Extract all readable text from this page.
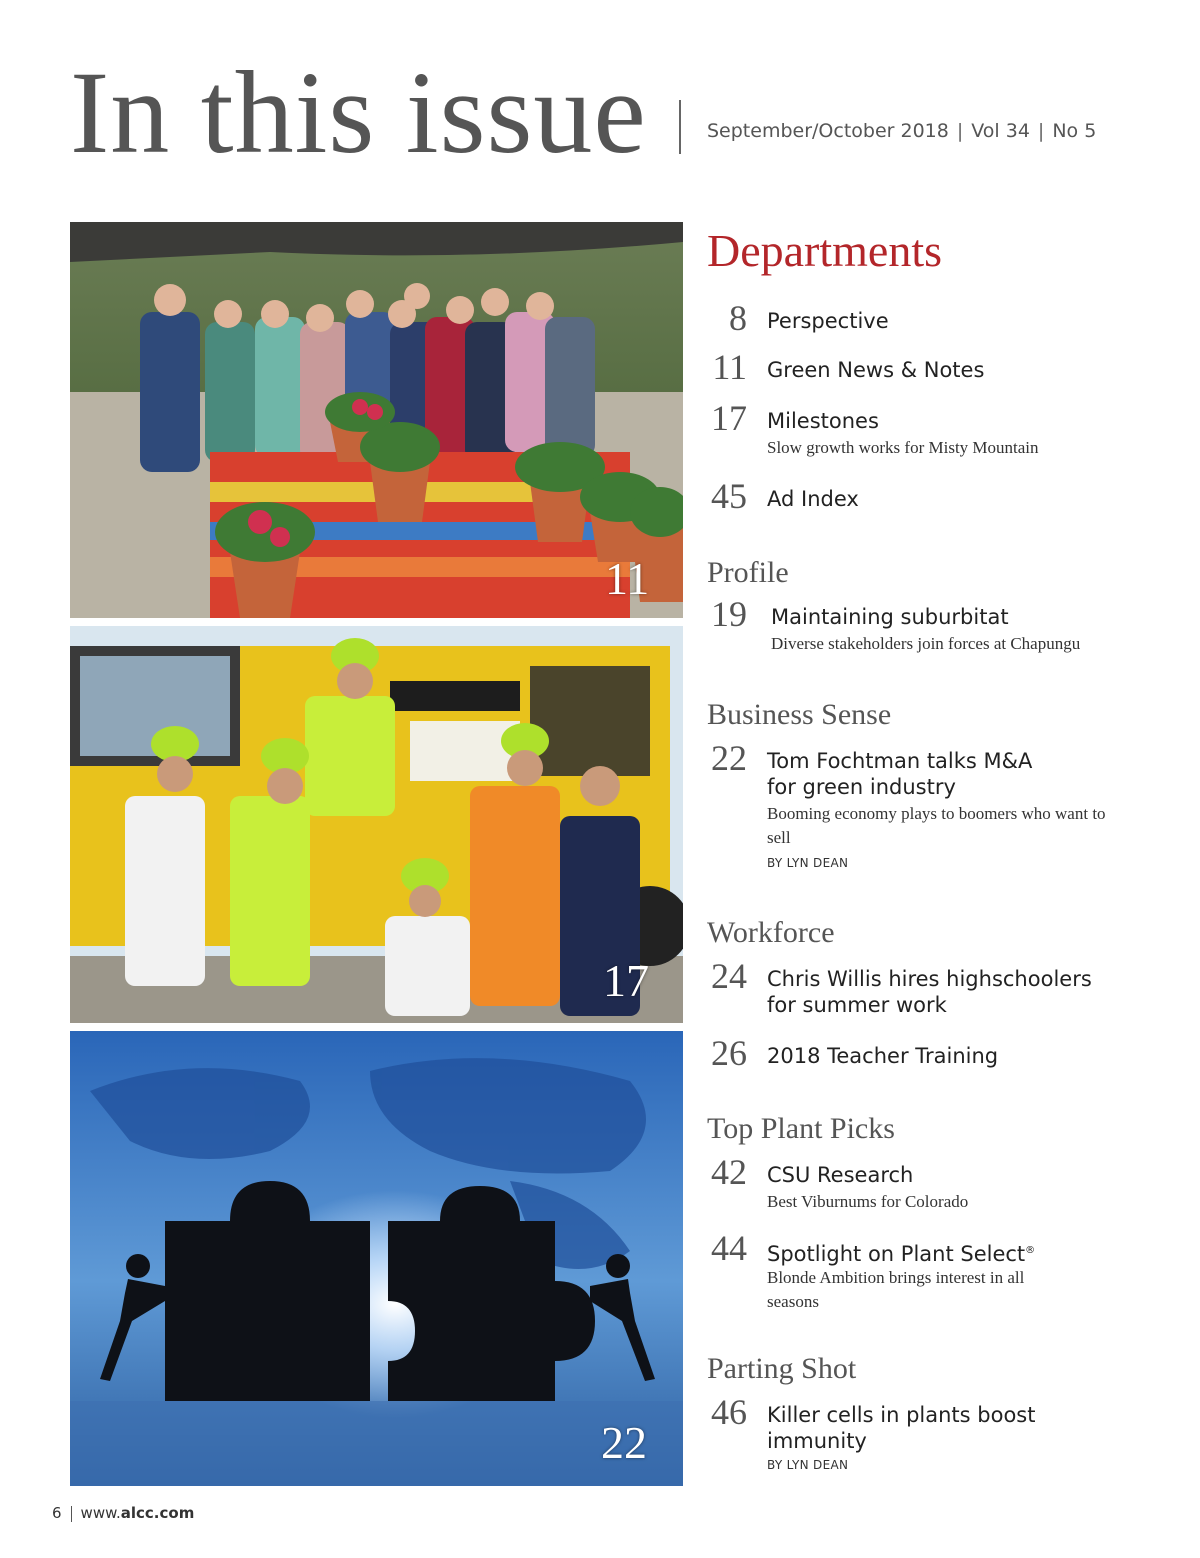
In this issue	September/October 2018 | Vol 34 | No 5
11
17
22
Departments
8 Perspective
11 Green News & Notes
17 Milestones
Slow growth works for Misty Mountain
45 Ad Index
Profile
19 Maintaining suburbitat
Diverse stakeholders join forces at Chapungu
Business Sense
22 Tom Fochtman talks M&A for green industry
Booming economy plays to boomers who want to sell
BY LYN DEAN
Workforce
24 Chris Willis hires highschoolers for summer work
26 2018 Teacher Training
Top Plant Picks
42 CSU Research
Best Viburnums for Colorado
44 Spotlight on Plant Select®
Blonde Ambition brings interest in all seasons
Parting Shot
46 Killer cells in plants boost immunity
BY LYN DEAN
6 www.alcc.com
